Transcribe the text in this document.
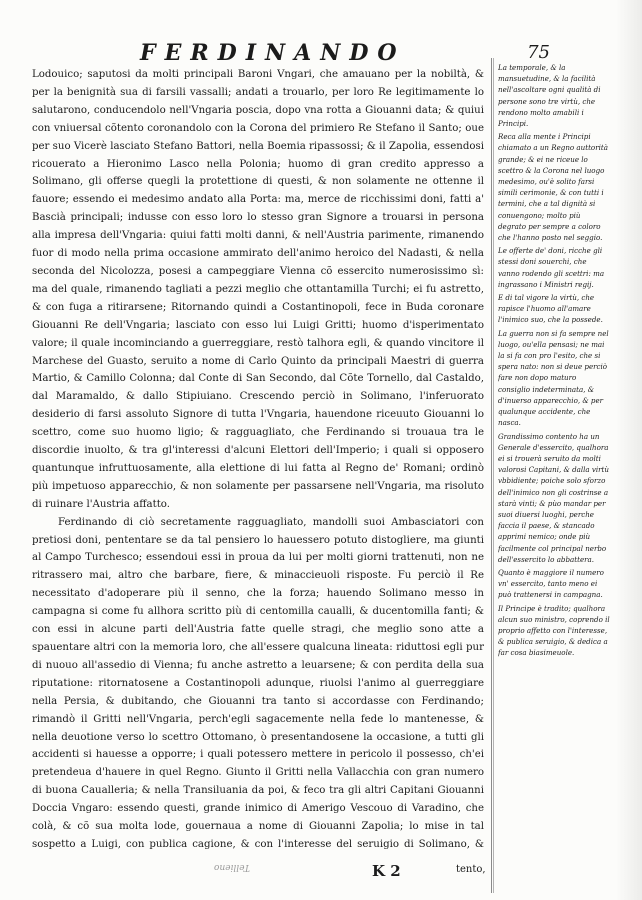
FERDINANDO	75

Lodouico; saputosi da molti principali Baroni Vngari, che amauano per la nobiltà, & per la benignità sua di farsili vassalli; andati a trouarlo, per loro Re legitimamente lo salutarono, conducendolo nell'Vngaria poscia, dopo vna rotta a Giouanni data; & quiui con vniuersal cõtento coronandolo con la Corona del primiero Re Stefano il Santo; oue per suo Vicerè lasciato Stefano Battori, nella Boemia ripassossi; & il Zapolia, essendosi ricouerato a Hieronimo Lasco nella Polonia; huomo di gran credito appresso a Solimano, gli offerse quegli la protettione di questi, & non solamente ne ottenne il fauore; essendo ei medesimo andato alla Porta: ma, merce de ricchissimi doni, fatti a' Bascià principali; indusse con esso loro lo stesso gran Signore a trouarsi in persona alla impresa dell'Vngaria: quiui fatti molti danni, & nell'Austria parimente, rimanendo fuor di modo nella prima occasione ammirato dell'animo heroico del Nadasti, & nella seconda del Nicolozza, posesi a campeggiare Vienna cõ essercito numerosissimo sì: ma del quale, rimanendo tagliati a pezzi meglio che ottantamilla Turchi; ei fu astretto, & con fuga a ritirarsene; Ritornando quindi a Costantinopoli, fece in Buda coronare Giouanni Re dell'Vngaria; lasciato con esso lui Luigi Gritti; huomo d'isperimentato valore; il quale incominciando a guerreggiare, restò talhora egli, & quando vincitore il Marchese del Guasto, seruito a nome di Carlo Quinto da principali Maestri di guerra Martio, & Camillo Colonna; dal Conte di San Secondo, dal Cõte Tornello, dal Castaldo, dal Maramaldo, & dallo Stipiuiano. Crescendo perciò in Solimano, l'inferuorato desiderio di farsi assoluto Signore di tutta l'Vngaria, hauendone riceuuto Giouanni lo scettro, come suo huomo ligio; & ragguagliato, che Ferdinando si trouaua tra le discordie inuolto, & tra gl'interessi d'alcuni Elettori dell'Imperio; i quali si opposero quantunque infruttuosamente, alla elettione di lui fatta al Regno de' Romani; ordinò più impetuoso apparecchio, & non solamente per passarsene nell'Vngaria, ma risoluto di ruinare l'Austria affatto.

Ferdinando di ciò secretamente ragguagliato, mandolli suoi Ambasciatori con pretiosi doni, pententare se da tal pensiero lo hauessero potuto distogliere, ma giunti al Campo Turchesco; essendoui essi in proua da lui per molti giorni trattenuti, non ne ritrassero mai, altro che barbare, fiere, & minaccieuoli risposte. Fu perciò il Re necessitato d'adoperare più il senno, che la forza; hauendo Solimano messo in campagna si come fu allhora scritto più di centomilla caualli, & ducentomilla fanti; & con essi in alcune parti dell'Austria fatte quelle stragi, che meglio sono atte a spauentare altri con la memoria loro, che all'essere qualcuna lineata: riduttosi egli pur di nuouo all'assedio di Vienna; fu anche astretto a leuarsene; & con perdita della sua riputatione: ritornatosene a Costantinopoli adunque, riuolsi l'animo al guerreggiare nella Persia, & dubitando, che Giouanni tra tanto si accordasse con Ferdinando; rimandò il Gritti nell'Vngaria, perch'egli sagacemente nella fede lo mantenesse, & nella deuotione verso lo scettro Ottomano, ò presentandosene la occasione, a tutti gli accidenti si hauesse a opporre; i quali potessero mettere in pericolo il possesso, ch'ei pretendeua d'hauere in quel Regno. Giunto il Gritti nella Vallacchia con gran numero di buona Caualleria; & nella Transiluania da poi, & feco tra gli altri Capitani Giouanni Doccia Vngaro: essendo questi, grande inimico di Amerigo Vescouo di Varadino, che colà, & cõ sua molta lode, gouernaua a nome di Giouanni Zapolia; lo mise in tal sospetto a Luigi, con publica cagione, & con l'interesse del seruigio di Solimano, &

La temporale, & la mansuetudine, & la facilità nell'ascoltare ogni qualità di persone sono tre virtù, che rendono molto amabili i Principi.

Reca alla mente i Principi chiamato a un Regno auttorità grande; & ei ne riceue lo scettro & la Corona nel luogo medesimo, ou'è solito farsi simili cerimonie, & con tutti i termini, che a tal dignità si conuengono; molto più degrato per sempre a coloro che l'hanno posto nel seggio.

Le offerte de' doni, ricche gli stessi doni souerchi, che vanno rodendo gli scettri: ma ingrassano i Ministri regij.

E di tal vigore la virtù, che rapisce l'huomo all'amare l'inimico suo, che la possede.

La guerra non si fa sempre nel luogo, ou'ella pensasi; ne mai la si fa con pro l'esito, che si spera nato: non si deue perciò fare non dopo maturo consiglio indeterminata, & d'inuerso apparecchio, & per qualunque accidente, che nasca.

Grandissimo contento ha un Generale d'essercito, qualhora ei si trouerà seruito da molti valorosi Capitani, & dalla virtù vbbidiente; poiche solo sforzo dell'inimico non gli costrinse a starà vinti; & pùo mandar per suoi diuersi luoghi, perche faccia il paese, & stancado apprimi nemico; onde più facilmente col principal nerbo dell'essercito lo abbattera.

Quanto è maggiore il numero vn' essercito, tanto meno ei può trattenersi in campagna.

Il Principe è tradito; qualhora alcun suo ministro, coprendo il proprio affetto con l'interesse, & publica seruigio, & dedica a far cosa biasimeuole.

Tellieno	K 2	tento,
